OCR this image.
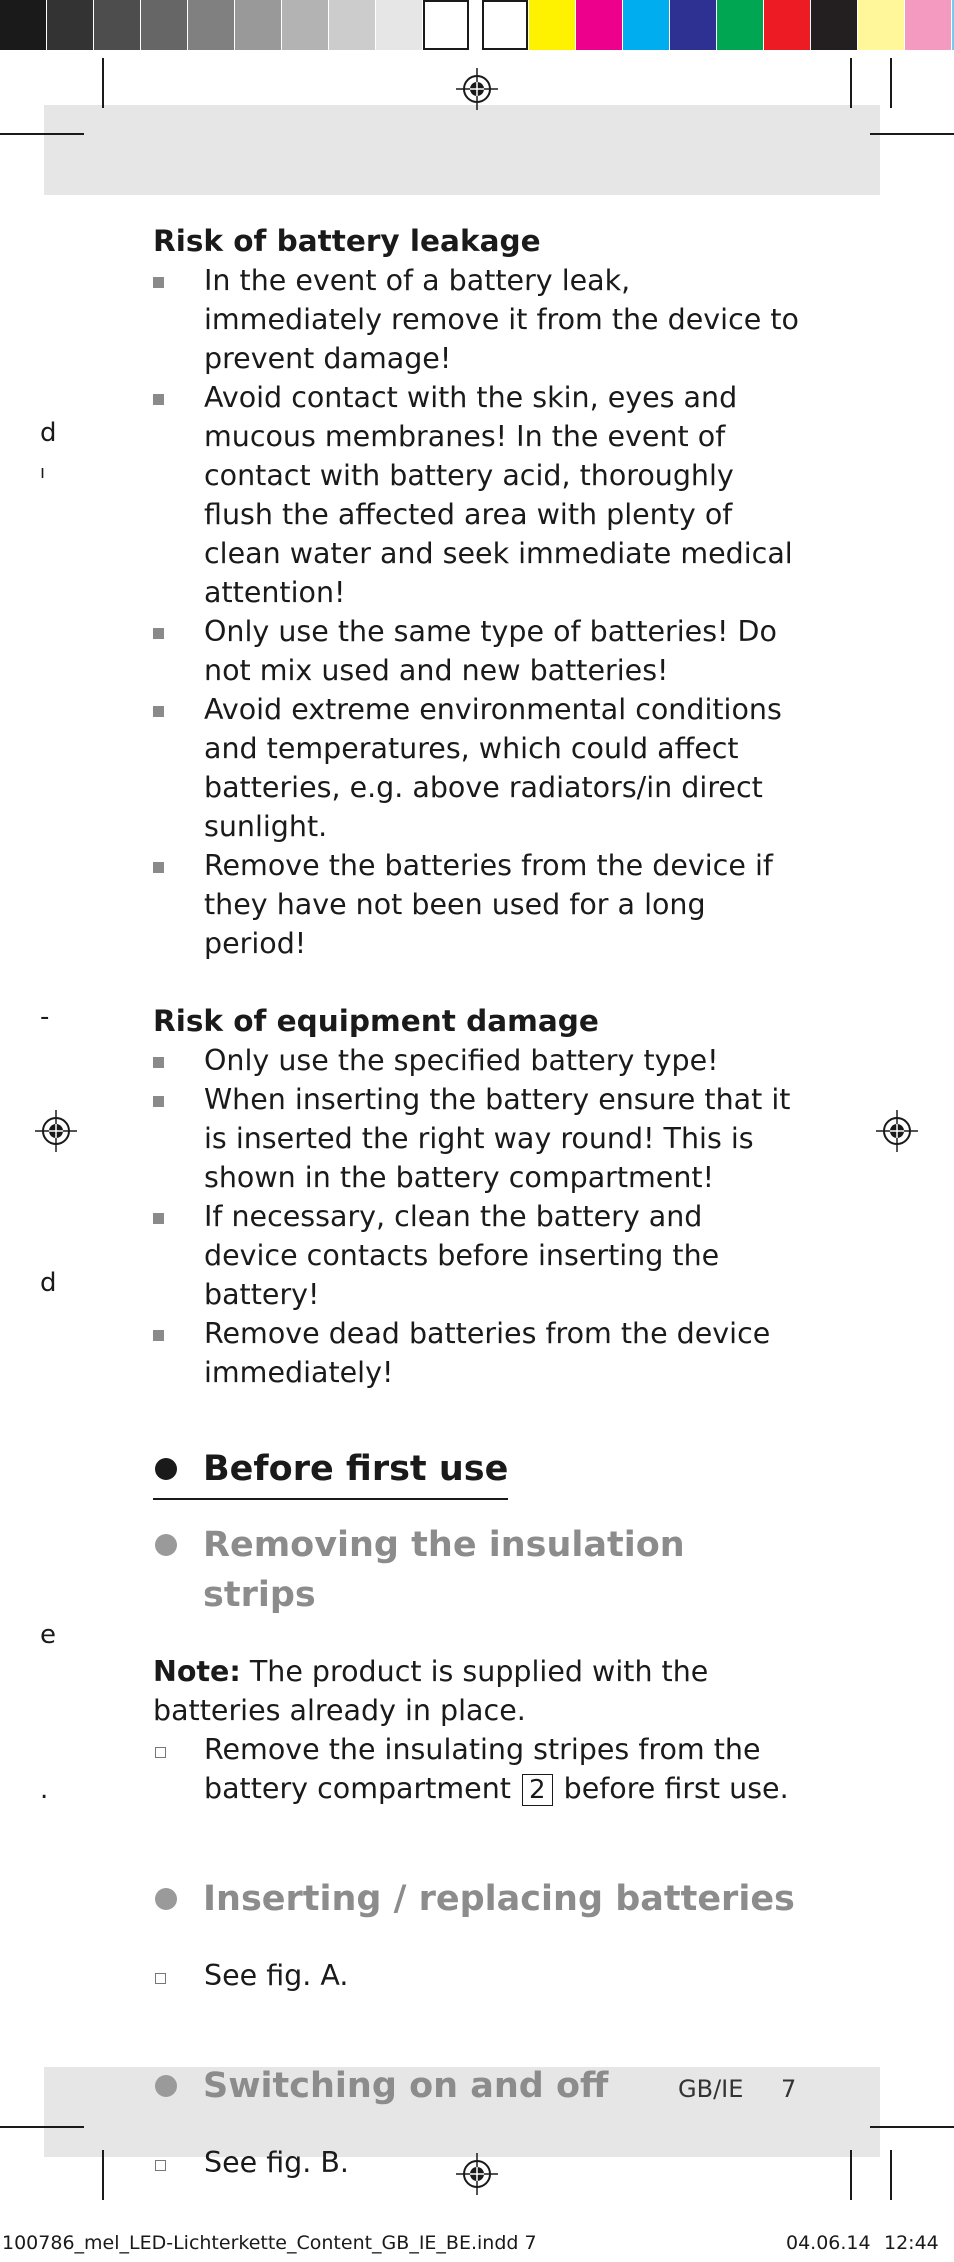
d
ı
-
d
e
.

Risk of battery leakage

In the event of a battery leak, immediately remove it from the device to prevent damage!
Avoid contact with the skin, eyes and mucous membranes! In the event of contact with battery acid, thoroughly flush the affected area with plenty of clean water and seek immediate medical attention!
Only use the same type of batteries! Do not mix used and new batteries!
Avoid extreme environmental conditions and temperatures, which could affect batteries, e.g. above radiators/in direct sunlight.
Remove the batteries from the device if they have not been used for a long period!

Risk of equipment damage

Only use the specified battery type!
When inserting the battery ensure that it is inserted the right way round! This is shown in the battery compartment!
If necessary, clean the battery and device contacts before inserting the battery!
Remove dead batteries from the device immediately!
Before first use
Removing the insulation strips

Note: The product is supplied with the batteries already in place.

Remove the insulating stripes from the battery compartment 2 before first use.
Inserting / replacing batteries
See fig. A.
Switching on and off
See fig. B.
GB/IE 7
100786_mel_LED-Lichterkette_Content_GB_IE_BE.indd 7	04.06.14 12:44
